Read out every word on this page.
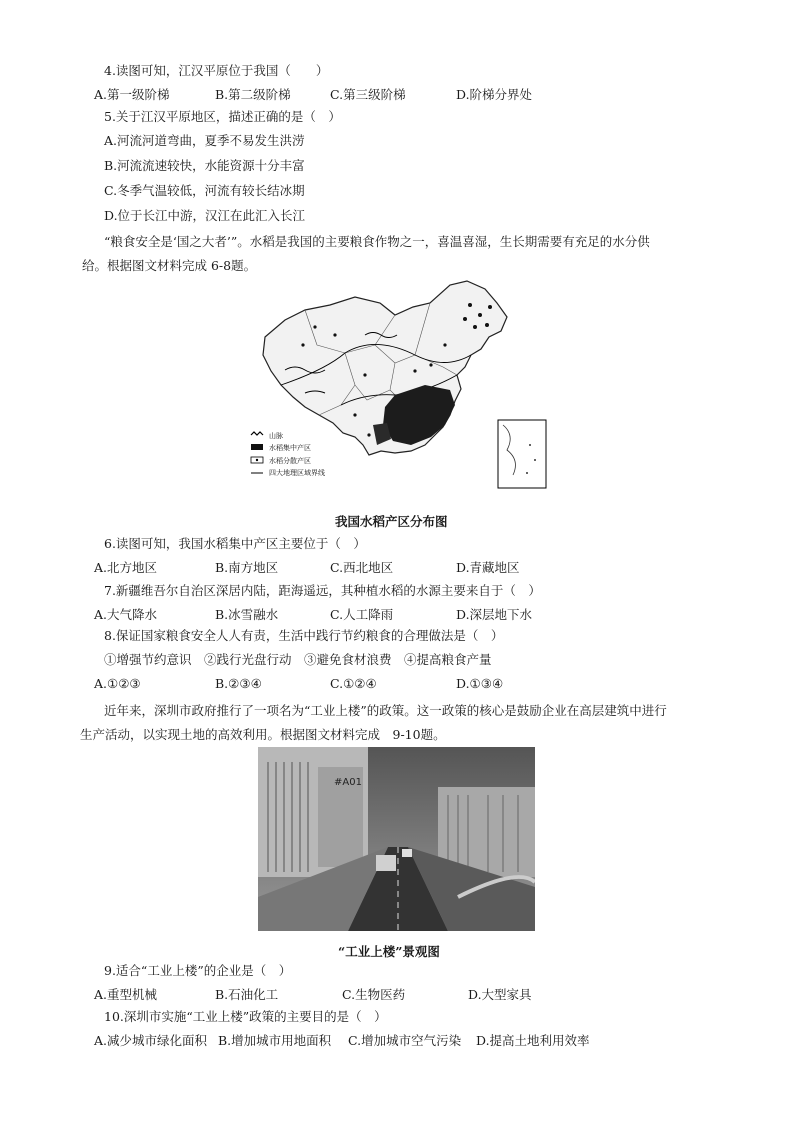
4.读图可知，江汉平原位于我国（　　）
A.第一级阶梯	B.第二级阶梯	C.第三级阶梯	D.阶梯分界处
5.关于江汉平原地区，描述正确的是（　）
A.河流河道弯曲，夏季不易发生洪涝
B.河流流速较快，水能资源十分丰富
C.冬季气温较低，河流有较长结冰期
D.位于长江中游，汉江在此汇入长江
“粮食安全是‘国之大者’”。水稻是我国的主要粮食作物之一，喜温喜湿，生长期需要有充足的水分供
给。根据图文材料完成 6-8题。
山脉
水稻集中产区
水稻分散产区
四大地理区域界线
我国水稻产区分布图
6.读图可知，我国水稻集中产区主要位于（　）
A.北方地区	B.南方地区	C.西北地区	D.青藏地区
7.新疆维吾尔自治区深居内陆，距海遥远，其种植水稻的水源主要来自于（　）
A.大气降水	B.冰雪融水	C.人工降雨	D.深层地下水
8.保证国家粮食安全人人有责，生活中践行节约粮食的合理做法是（　）
①增强节约意识　②践行光盘行动　③避免食材浪费　④提高粮食产量
A.①②③	B.②③④	C.①②④	D.①③④
近年来，深圳市政府推行了一项名为“工业上楼”的政策。这一政策的核心是鼓励企业在高层建筑中进行
生产活动，以实现土地的高效利用。根据图文材料完成　9-10题。
#A01
“工业上楼”景观图
9.适合“工业上楼”的企业是（　）
A.重型机械	B.石油化工	C.生物医药	D.大型家具
10.深圳市实施“工业上楼”政策的主要目的是（　）
A.减少城市绿化面积 B.增加城市用地面积 C.增加城市空气污染 D.提高土地利用效率
